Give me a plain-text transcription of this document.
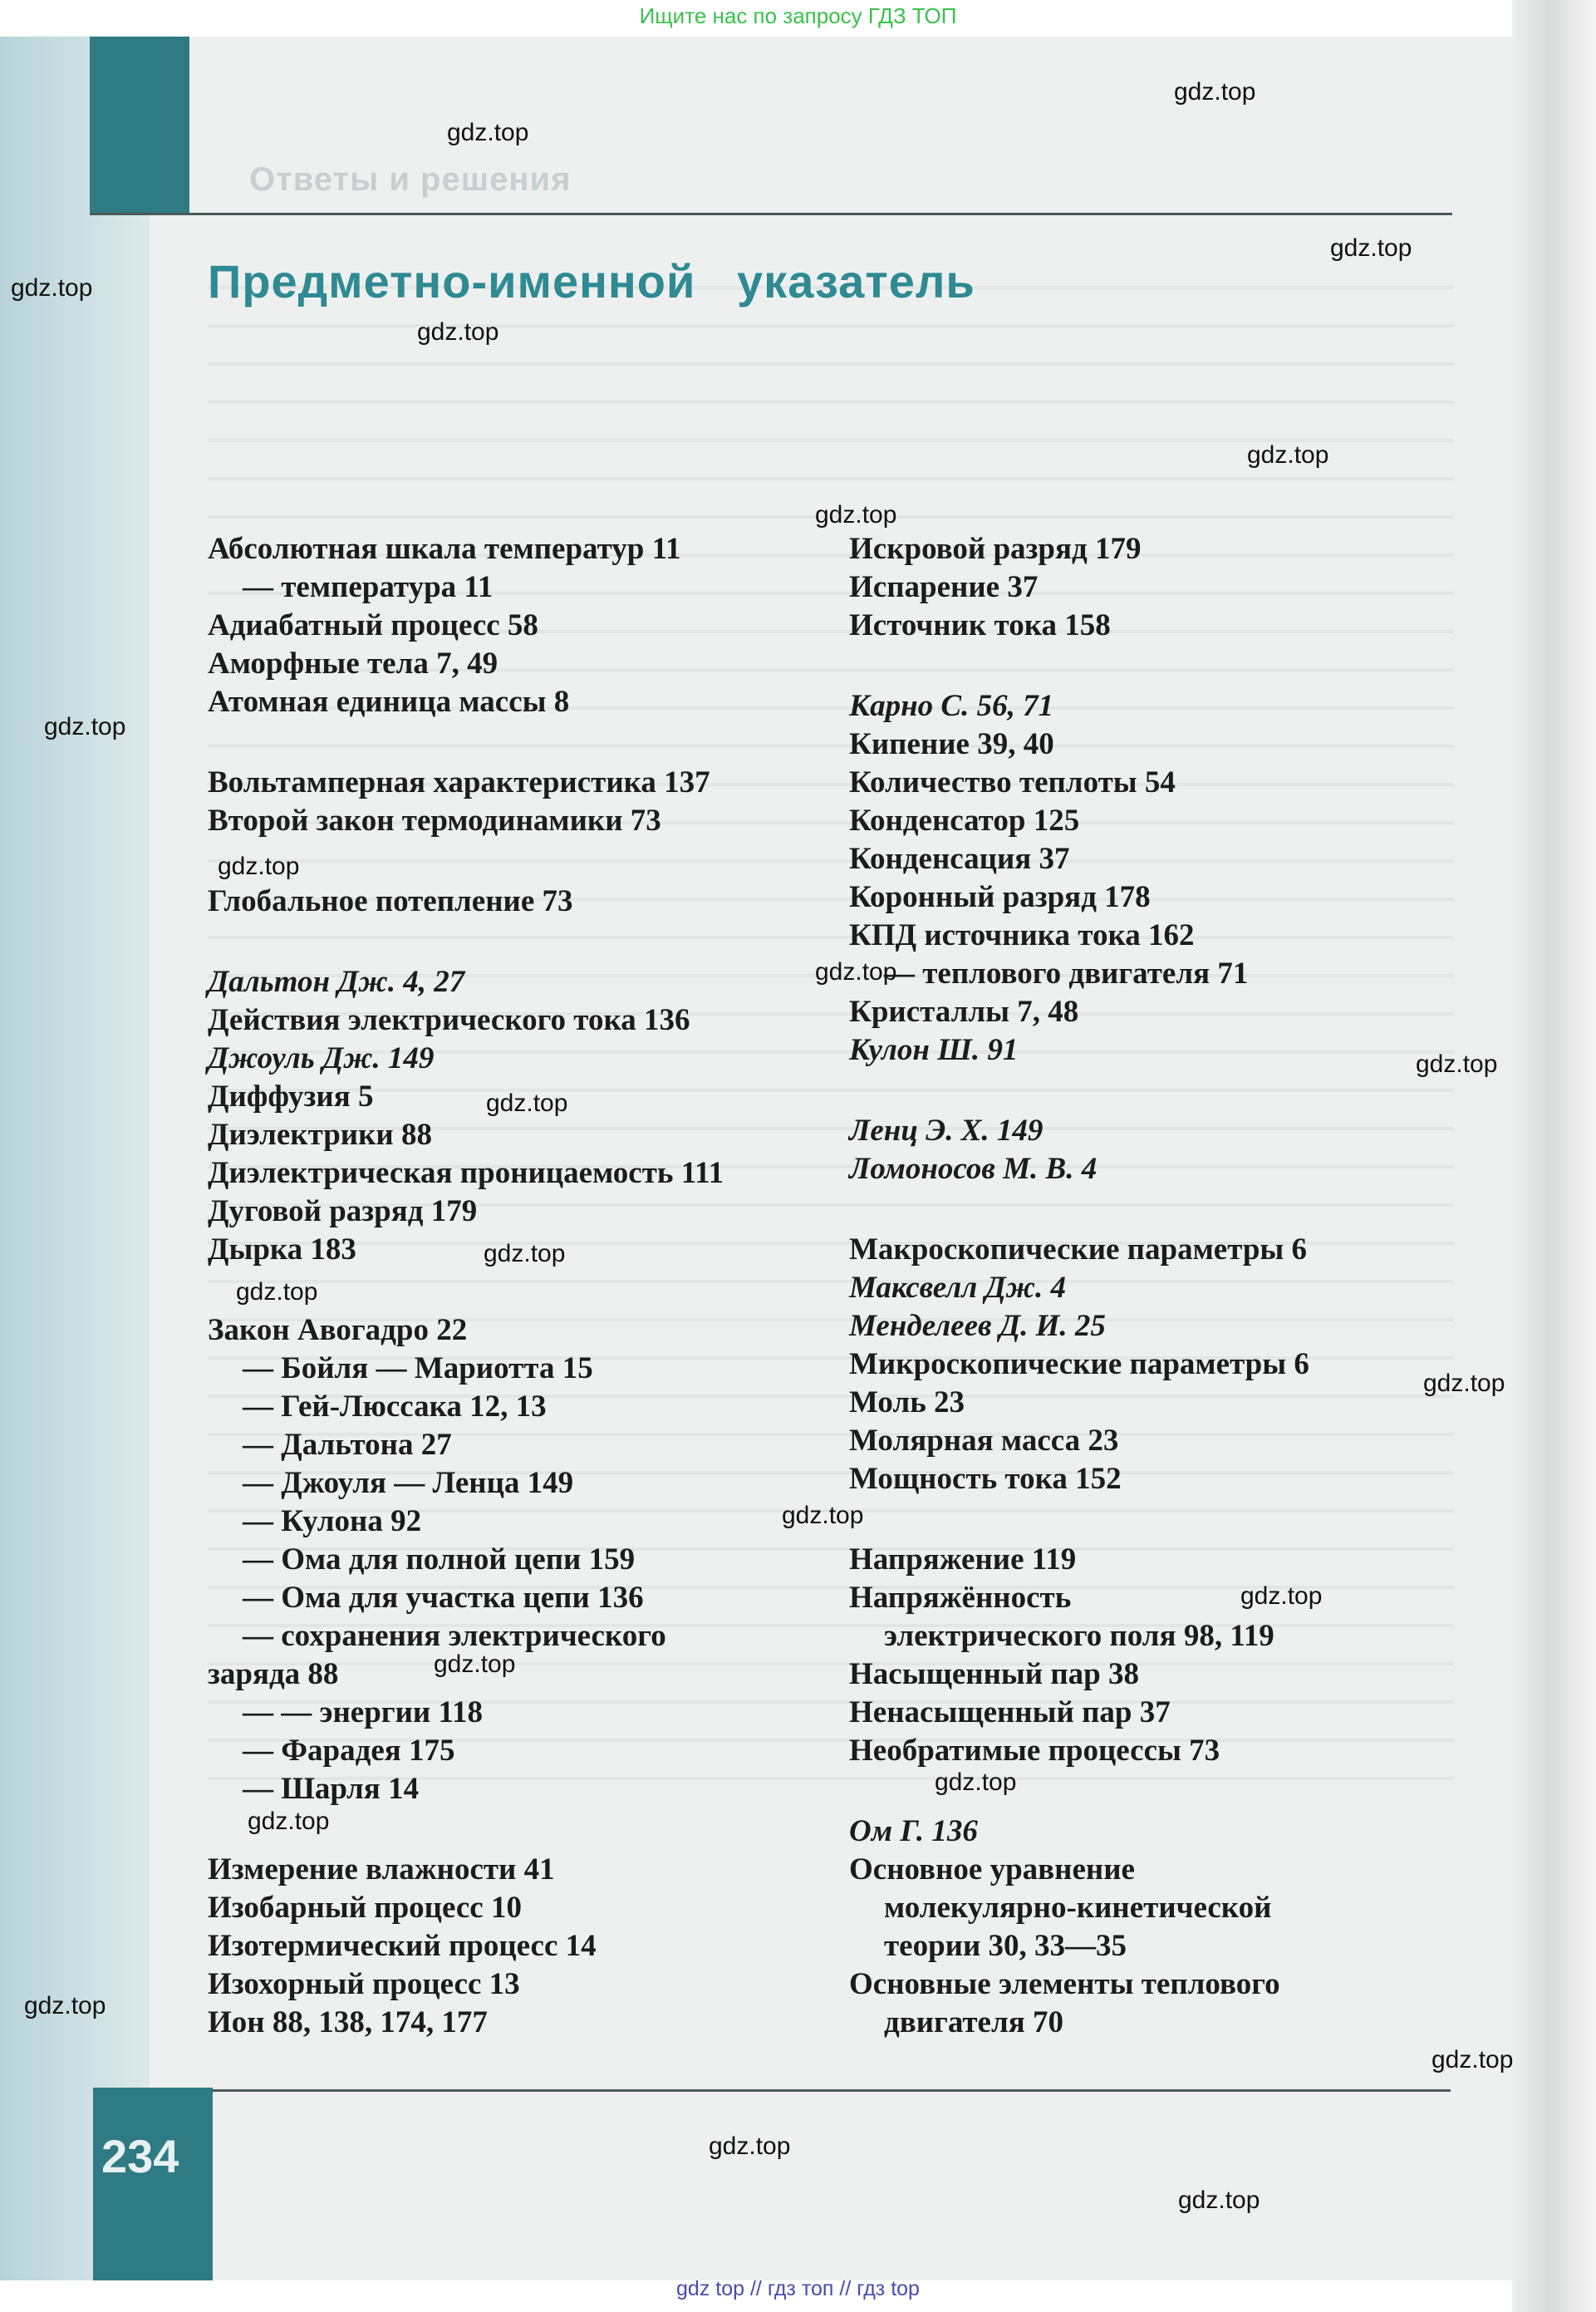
Ответы и решения
234
Ищите нас по запросу ГДЗ ТОП
Предметно-именной   указатель
Абсолютная шкала температур 11
— температура 11
Адиабатный процесс 58
Аморфные тела 7, 49
Атомная единица массы 8
Вольтамперная характеристика 137
Второй закон термодинамики 73
Глобальное потепление 73
Дальтон Дж. 4, 27
Действия электрического тока 136
Джоуль Дж. 149
Диффузия 5
Диэлектрики 88
Диэлектрическая проницаемость 111
Дуговой разряд 179
Дырка 183
Закон Авогадро 22
— Бойля — Мариотта 15
— Гей-Люссака 12, 13
— Дальтона 27
— Джоуля — Ленца 149
— Кулона 92
— Ома для полной цепи 159
— Ома для участка цепи 136
— сохранения электрического
заряда 88
— — энергии 118
— Фарадея 175
— Шарля 14
Измерение влажности 41
Изобарный процесс 10
Изотермический процесс 14
Изохорный процесс 13
Ион 88, 138, 174, 177
Искровой разряд 179
Испарение 37
Источник тока 158
Карно С. 56, 71
Кипение 39, 40
Количество теплоты 54
Конденсатор 125
Конденсация 37
Коронный разряд 178
КПД источника тока 162
— теплового двигателя 71
Кристаллы 7, 48
Кулон Ш. 91
Ленц Э. Х. 149
Ломоносов М. В. 4
Макроскопические параметры 6
Максвелл Дж. 4
Менделеев Д. И. 25
Микроскопические параметры 6
Моль 23
Молярная масса 23
Мощность тока 152
Напряжение 119
Напряжённость
электрического поля 98, 119
Насыщенный пар 38
Ненасыщенный пар 37
Необратимые процессы 73
Ом Г. 136
Основное уравнение
молекулярно-кинетической
теории 30, 33—35
Основные элементы теплового
двигателя 70
gdz.top
gdz.top
gdz.top
gdz.top
gdz.top
gdz.top
gdz.top
gdz.top
gdz.top
gdz.top
gdz.top
gdz.top
gdz.top
gdz.top
gdz.top
gdz.top
gdz.top
gdz.top
gdz.top
gdz.top
gdz.top
gdz.top
gdz.top
gdz.top
gdz top // гдз топ // гдз top
